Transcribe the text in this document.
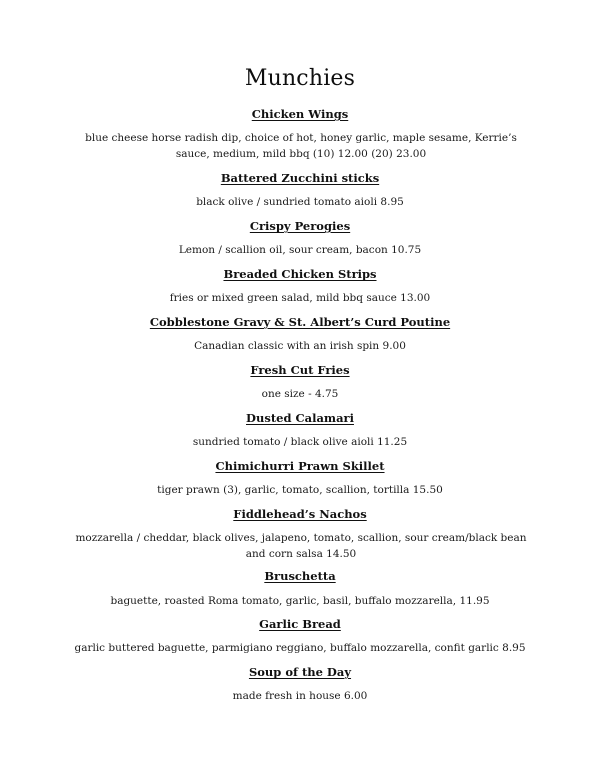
Munchies
Chicken Wings
blue cheese horse radish dip, choice of hot, honey garlic, maple sesame, Kerrie’s sauce, medium, mild bbq (10) 12.00 (20) 23.00
Battered Zucchini sticks
black olive / sundried tomato aioli 8.95
Crispy Perogies
Lemon / scallion oil, sour cream, bacon 10.75
Breaded Chicken Strips
fries or mixed green salad, mild bbq sauce 13.00
Cobblestone Gravy & St. Albert’s Curd Poutine
Canadian classic with an irish spin 9.00
Fresh Cut Fries
one size - 4.75
Dusted Calamari
sundried tomato / black olive aioli 11.25
Chimichurri Prawn Skillet
tiger prawn (3), garlic, tomato, scallion, tortilla 15.50
Fiddlehead’s Nachos
mozzarella / cheddar, black olives, jalapeno, tomato, scallion, sour cream/black bean and corn salsa 14.50
Bruschetta
baguette, roasted Roma tomato, garlic, basil, buffalo mozzarella, 11.95
Garlic Bread
garlic buttered baguette, parmigiano reggiano, buffalo mozzarella, confit garlic 8.95
Soup of the Day
made fresh in house 6.00
